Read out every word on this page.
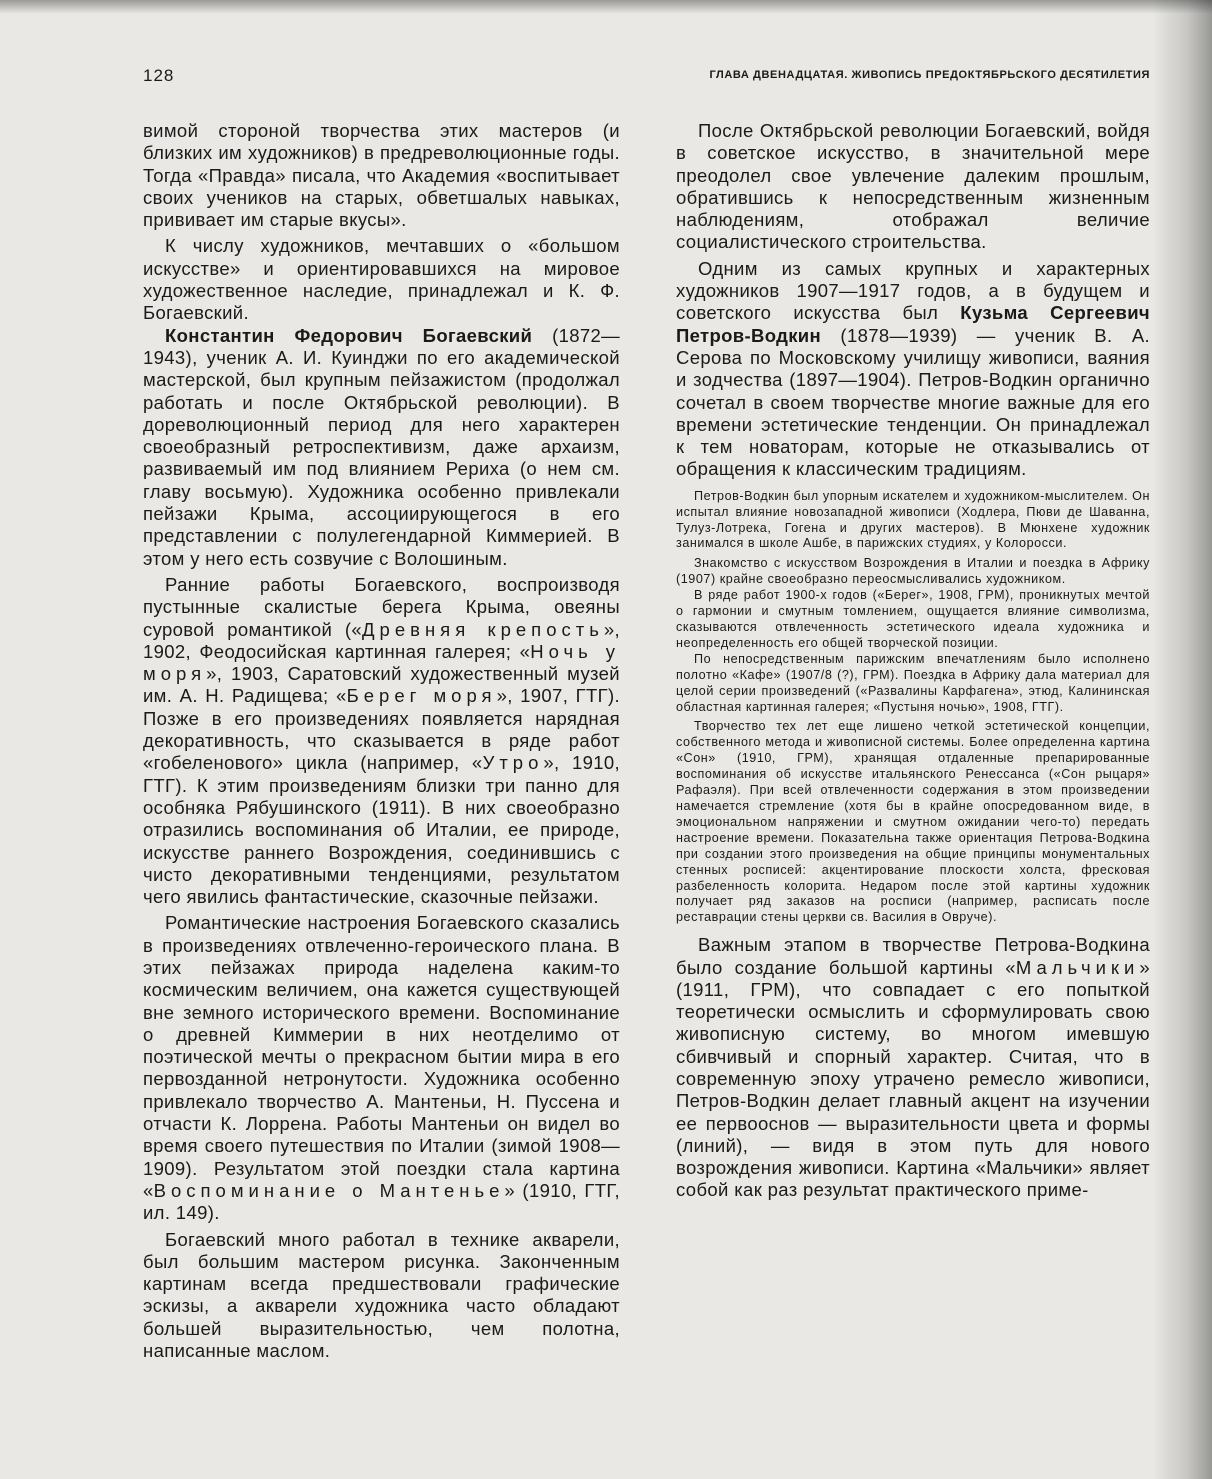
128	ГЛАВА ДВЕНАДЦАТАЯ. ЖИВОПИСЬ ПРЕДОКТЯБРЬСКОГО ДЕСЯТИЛЕТИЯ

вимой стороной творчества этих мастеров (и близких им художников) в предреволюционные годы. Тогда «Правда» писала, что Академия «воспитывает своих учеников на старых, обветшалых навыках, прививает им старые вкусы».

К числу художников, мечтавших о «большом искусстве» и ориентировавшихся на мировое художественное наследие, принадлежал и К. Ф. Богаевский.

Константин Федорович Богаевский (1872—1943), ученик А. И. Куинджи по его академической мастерской, был крупным пейзажистом (продолжал работать и после Октябрьской революции). В дореволюционный период для него характерен своеобразный ретроспективизм, даже архаизм, развиваемый им под влиянием Рериха (о нем см. главу восьмую). Художника особенно привлекали пейзажи Крыма, ассоциирующегося в его представлении с полулегендарной Киммерией. В этом у него есть созвучие с Волошиным.

Ранние работы Богаевского, воспроизводя пустынные скалистые берега Крыма, овеяны суровой романтикой («Древняя крепость», 1902, Феодосийская картинная галерея; «Ночь у моря», 1903, Саратовский художественный музей им. А. Н. Радищева; «Берег моря», 1907, ГТГ). Позже в его произведениях появляется нарядная декоративность, что сказывается в ряде работ «гобеленового» цикла (например, «Утро», 1910, ГТГ). К этим произведениям близки три панно для особняка Рябушинского (1911). В них своеобразно отразились воспоминания об Италии, ее природе, искусстве раннего Возрождения, соединившись с чисто декоративными тенденциями, результатом чего явились фантастические, сказочные пейзажи.

Романтические настроения Богаевского сказались в произведениях отвлеченно-героического плана. В этих пейзажах природа наделена каким-то космическим величием, она кажется существующей вне земного исторического времени. Воспоминание о древней Киммерии в них неотделимо от поэтической мечты о прекрасном бытии мира в его первозданной нетронутости. Художника особенно привлекало творчество А. Мантеньи, Н. Пуссена и отчасти К. Лоррена. Работы Мантеньи он видел во время своего путешествия по Италии (зимой 1908—1909). Результатом этой поездки стала картина «Воспоминание о Мантенье» (1910, ГТГ, ил. 149).

Богаевский много работал в технике акварели, был большим мастером рисунка. Законченным картинам всегда предшествовали графические эскизы, а акварели художника часто обладают большей выразительностью, чем полотна, написанные маслом.

После Октябрьской революции Богаевский, войдя в советское искусство, в значительной мере преодолел свое увлечение далеким прошлым, обратившись к непосредственным жизненным наблюдениям, отображал величие социалистического строительства.

Одним из самых крупных и характерных художников 1907—1917 годов, а в будущем и советского искусства был Кузьма Сергеевич Петров-Водкин (1878—1939) — ученик В. А. Серова по Московскому училищу живописи, ваяния и зодчества (1897—1904). Петров-Водкин органично сочетал в своем творчестве многие важные для его времени эстетические тенденции. Он принадлежал к тем новаторам, которые не отказывались от обращения к классическим традициям.

Петров-Водкин был упорным искателем и художником-мыслителем. Он испытал влияние новозападной живописи (Ходлера, Пюви де Шаванна, Тулуз-Лотрека, Гогена и других мастеров). В Мюнхене художник занимался в школе Ашбе, в парижских студиях, у Колоросси.

Знакомство с искусством Возрождения в Италии и поездка в Африку (1907) крайне своеобразно переосмысливались художником.

В ряде работ 1900-х годов («Берег», 1908, ГРМ), проникнутых мечтой о гармонии и смутным томлением, ощущается влияние символизма, сказываются отвлеченность эстетического идеала художника и неопределенность его общей творческой позиции.

По непосредственным парижским впечатлениям было исполнено полотно «Кафе» (1907/8 (?), ГРМ). Поездка в Африку дала материал для целой серии произведений («Развалины Карфагена», этюд, Калининская областная картинная галерея; «Пустыня ночью», 1908, ГТГ).

Творчество тех лет еще лишено четкой эстетической концепции, собственного метода и живописной системы. Более определенна картина «Сон» (1910, ГРМ), хранящая отдаленные препарированные воспоминания об искусстве итальянского Ренессанса («Сон рыцаря» Рафаэля). При всей отвлеченности содержания в этом произведении намечается стремление (хотя бы в крайне опосредованном виде, в эмоциональном напряжении и смутном ожидании чего-то) передать настроение времени. Показательна также ориентация Петрова-Водкина при создании этого произведения на общие принципы монументальных стенных росписей: акцентирование плоскости холста, фресковая разбеленность колорита. Недаром после этой картины художник получает ряд заказов на росписи (например, расписать после реставрации стены церкви св. Василия в Овруче).

Важным этапом в творчестве Петрова-Водкина было создание большой картины «Мальчики» (1911, ГРМ), что совпадает с его попыткой теоретически осмыслить и сформулировать свою живописную систему, во многом имевшую сбивчивый и спорный характер. Считая, что в современную эпоху утрачено ремесло живописи, Петров-Водкин делает главный акцент на изучении ее первооснов — выразительности цвета и формы (линий), — видя в этом путь для нового возрождения живописи. Картина «Мальчики» являет собой как раз результат практического приме-
